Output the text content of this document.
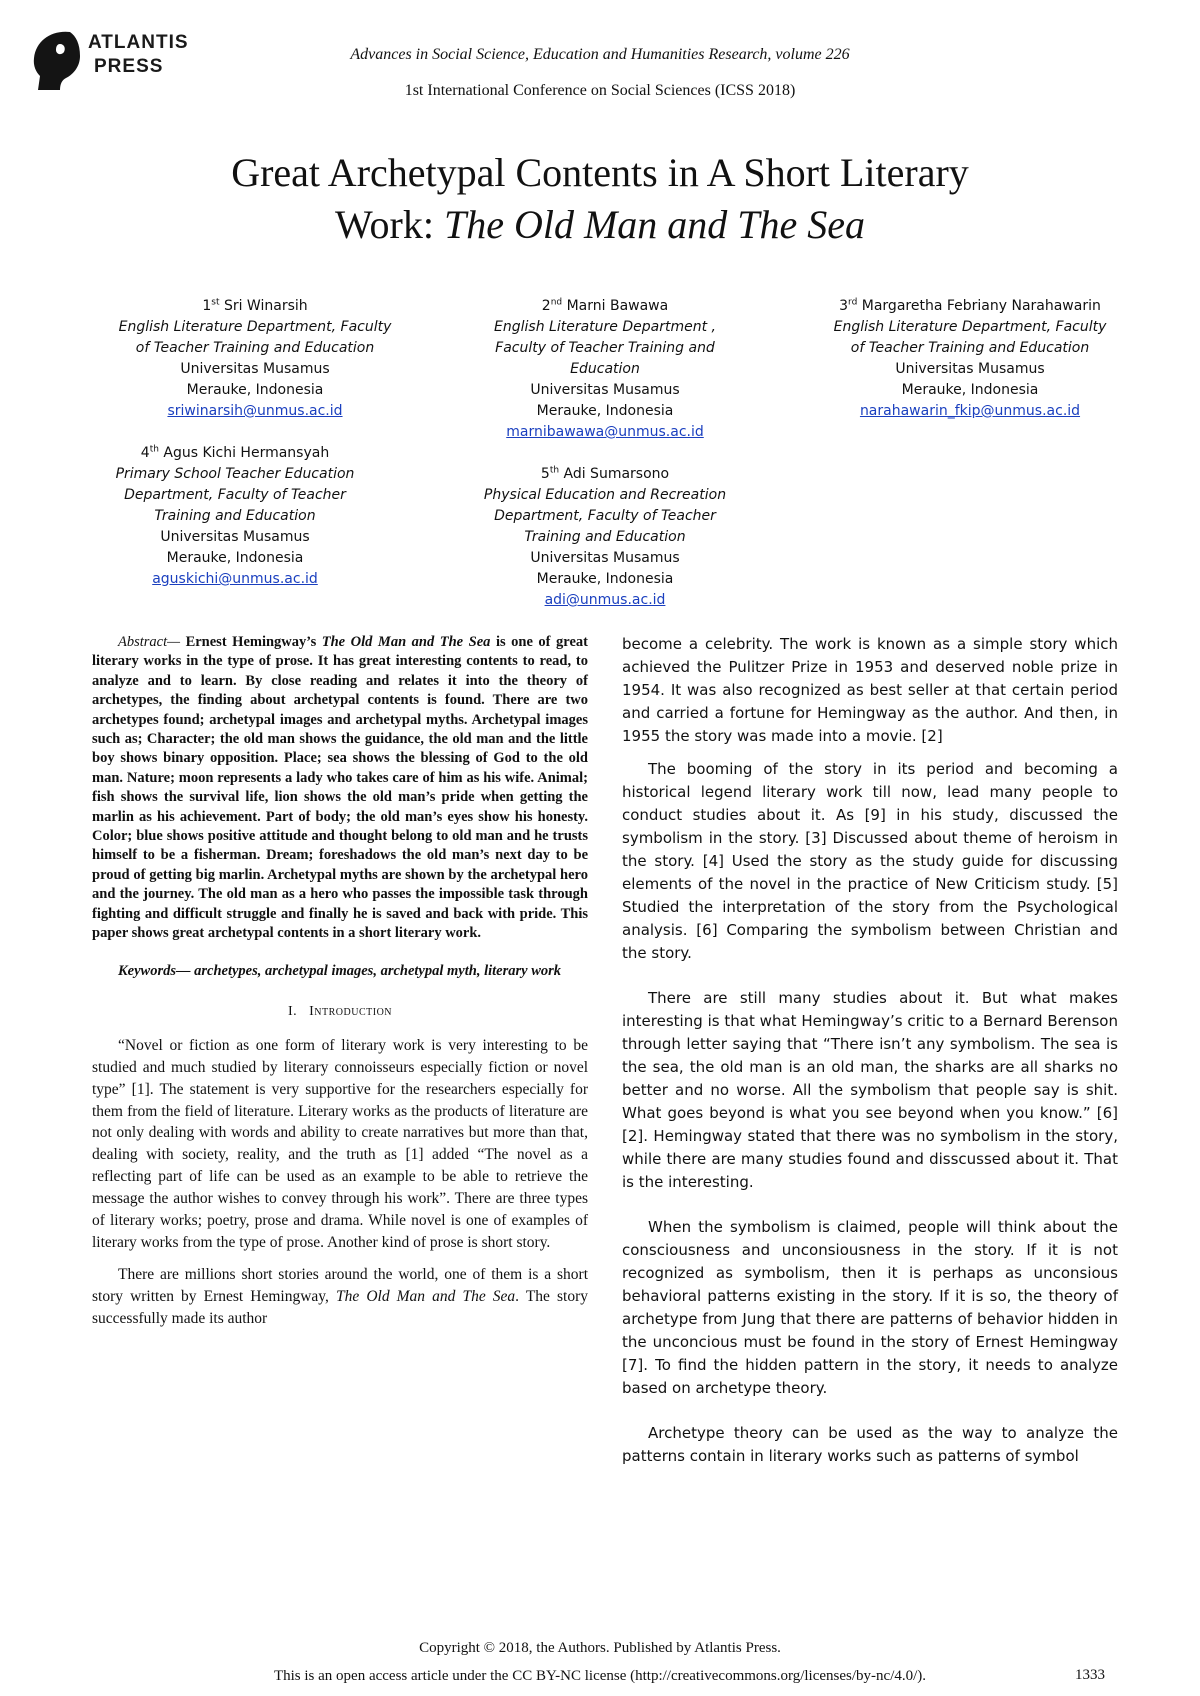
ATLANTIS
PRESS
Advances in Social Science, Education and Humanities Research, volume 226
1st International Conference on Social Sciences (ICSS 2018)
Great Archetypal Contents in A Short Literary
Work: The Old Man and The Sea
1st Sri Winarsih
English Literature Department, Faculty
of Teacher Training and Education
Universitas Musamus
Merauke, Indonesia
sriwinarsih@unmus.ac.id
2nd Marni Bawawa
English Literature Department ,
Faculty of Teacher Training and
Education
Universitas Musamus
Merauke, Indonesia
marnibawawa@unmus.ac.id
3rd Margaretha Febriany Narahawarin
English Literature Department, Faculty
of Teacher Training and Education
Universitas Musamus
Merauke, Indonesia
narahawarin_fkip@unmus.ac.id
4th Agus Kichi Hermansyah
Primary School Teacher Education
Department, Faculty of Teacher
Training and Education
Universitas Musamus
Merauke, Indonesia
aguskichi@unmus.ac.id
5th Adi Sumarsono
Physical Education and Recreation
Department, Faculty of Teacher
Training and Education
Universitas Musamus
Merauke, Indonesia
adi@unmus.ac.id

Abstract— Ernest Hemingway’s The Old Man and The Sea is one of great literary works in the type of prose. It has great interesting contents to read, to analyze and to learn. By close reading and relates it into the theory of archetypes, the finding about archetypal contents is found. There are two archetypes found; archetypal images and archetypal myths. Archetypal images such as; Character; the old man shows the guidance, the old man and the little boy shows binary opposition. Place; sea shows the blessing of God to the old man. Nature; moon represents a lady who takes care of him as his wife. Animal; fish shows the survival life, lion shows the old man’s pride when getting the marlin as his achievement. Part of body; the old man’s eyes show his honesty. Color; blue shows positive attitude and thought belong to old man and he trusts himself to be a fisherman. Dream; foreshadows the old man’s next day to be proud of getting big marlin. Archetypal myths are shown by the archetypal hero and the journey. The old man as a hero who passes the impossible task through fighting and difficult struggle and finally he is saved and back with pride. This paper shows great archetypal contents in a short literary work.

Keywords— archetypes, archetypal images, archetypal myth, literary work

I. Introduction

“Novel or fiction as one form of literary work is very interesting to be studied and much studied by literary connoisseurs especially fiction or novel type” [1]. The statement is very supportive for the researchers especially for them from the field of literature. Literary works as the products of literature are not only dealing with words and ability to create narratives but more than that, dealing with society, reality, and the truth as [1] added “The novel as a reflecting part of life can be used as an example to be able to retrieve the message the author wishes to convey through his work”. There are three types of literary works; poetry, prose and drama. While novel is one of examples of literary works from the type of prose. Another kind of prose is short story.

There are millions short stories around the world, one of them is a short story written by Ernest Hemingway, The Old Man and The Sea. The story successfully made its author

become a celebrity. The work is known as a simple story which achieved the Pulitzer Prize in 1953 and deserved noble prize in 1954. It was also recognized as best seller at that certain period and carried a fortune for Hemingway as the author. And then, in 1955 the story was made into a movie. [2]

The booming of the story in its period and becoming a historical legend literary work till now, lead many people to conduct studies about it. As [9] in his study, discussed the symbolism in the story. [3] Discussed about theme of heroism in the story. [4] Used the story as the study guide for discussing elements of the novel in the practice of New Criticism study. [5] Studied the interpretation of the story from the Psychological analysis. [6] Comparing the symbolism between Christian and the story.

There are still many studies about it. But what makes interesting is that what Hemingway’s critic to a Bernard Berenson through letter saying that “There isn’t any symbolism. The sea is the sea, the old man is an old man, the sharks are all sharks no better and no worse. All the symbolism that people say is shit. What goes beyond is what you see beyond when you know.” [6][2]. Hemingway stated that there was no symbolism in the story, while there are many studies found and disscussed about it. That is the interesting.

When the symbolism is claimed, people will think about the consciousness and unconsiousness in the story. If it is not recognized as symbolism, then it is perhaps as unconsious behavioral patterns existing in the story. If it is so, the theory of archetype from Jung that there are patterns of behavior hidden in the unconcious must be found in the story of Ernest Hemingway [7]. To find the hidden pattern in the story, it needs to analyze based on archetype theory.

Archetype theory can be used as the way to analyze the patterns contain in literary works such as patterns of symbol

Copyright © 2018, the Authors. Published by Atlantis Press.
This is an open access article under the CC BY-NC license (http://creativecommons.org/licenses/by-nc/4.0/).	1333
